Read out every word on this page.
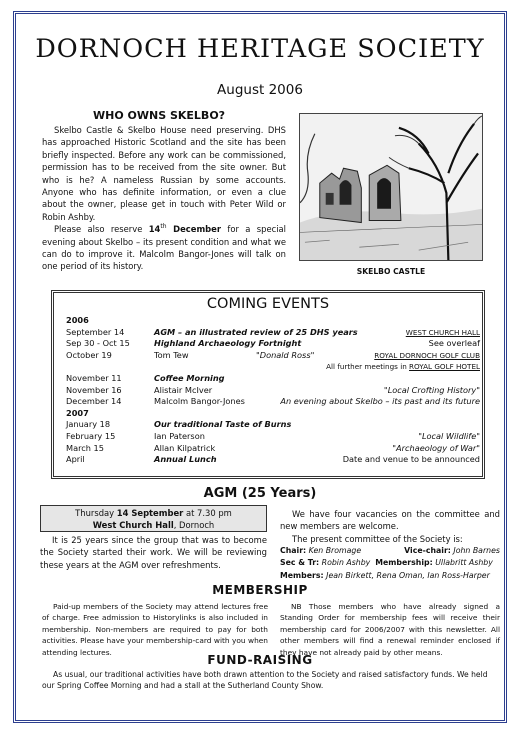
DORNOCH HERITAGE SOCIETY
August 2006
WHO OWNS SKELBO?

Skelbo Castle & Skelbo House need preserving. DHS has approached Historic Scotland and the site has been briefly inspected. Before any work can be commissioned, permission has to be received from the site owner. But who is he? A nameless Russian by some accounts. Anyone who has definite information, or even a clue about the owner, please get in touch with Peter Wild or Robin Ashby.

Please also reserve 14th December for a special evening about Skelbo – its present condition and what we can do to improve it. Malcolm Bangor-Jones will talk on one period of its history.

SKELBO CASTLE
COMING EVENTS
2006
September 14	AGM – an illustrated review of 25 DHS years	WEST CHURCH HALL
Sep 30 - Oct 15	Highland Archaeology Fortnight	See overleaf
October 19	Tom Tew	"Donald Ross"	ROYAL DORNOCH GOLF CLUB
All further meetings in ROYAL GOLF HOTEL
November 11	Coffee Morning
November 16	Alistair McIver	"Local Crofting History"
December 14	Malcolm Bangor-Jones	An evening about Skelbo – its past and its future
2007
January 18	Our traditional Taste of Burns
February 15	Ian Paterson	"Local Wildlife"
March 15	Allan Kilpatrick	"Archaeology of War"
April	Annual Lunch	Date and venue to be announced
AGM (25 Years)
Thursday 14 September at 7.30 pm
West Church Hall, Dornoch
It is 25 years since the group that was to become the Society started their work. We will be reviewing these years at the AGM over refreshments.

We have four vacancies on the committee and new members are welcome.

The present committee of the Society is:

Chair: Ken Bromage	Vice-chair: John Barnes
Sec & Tr: Robin Ashby Membership: Ullabritt Ashby
Members: Jean Birkett, Rena Oman, Ian Ross-Harper
MEMBERSHIP
Paid-up members of the Society may attend lectures free of charge. Free admission to Historylinks is also included in membership. Non-members are required to pay for both activities. Please have your membership-card with you when attending lectures.
NB Those members who have already signed a Standing Order for membership fees will receive their membership card for 2006/2007 with this newsletter. All other members will find a renewal reminder enclosed if they have not already paid by other means.
FUND-RAISING
As usual, our traditional activities have both drawn attention to the Society and raised satisfactory funds. We held our Spring Coffee Morning and had a stall at the Sutherland County Show.
